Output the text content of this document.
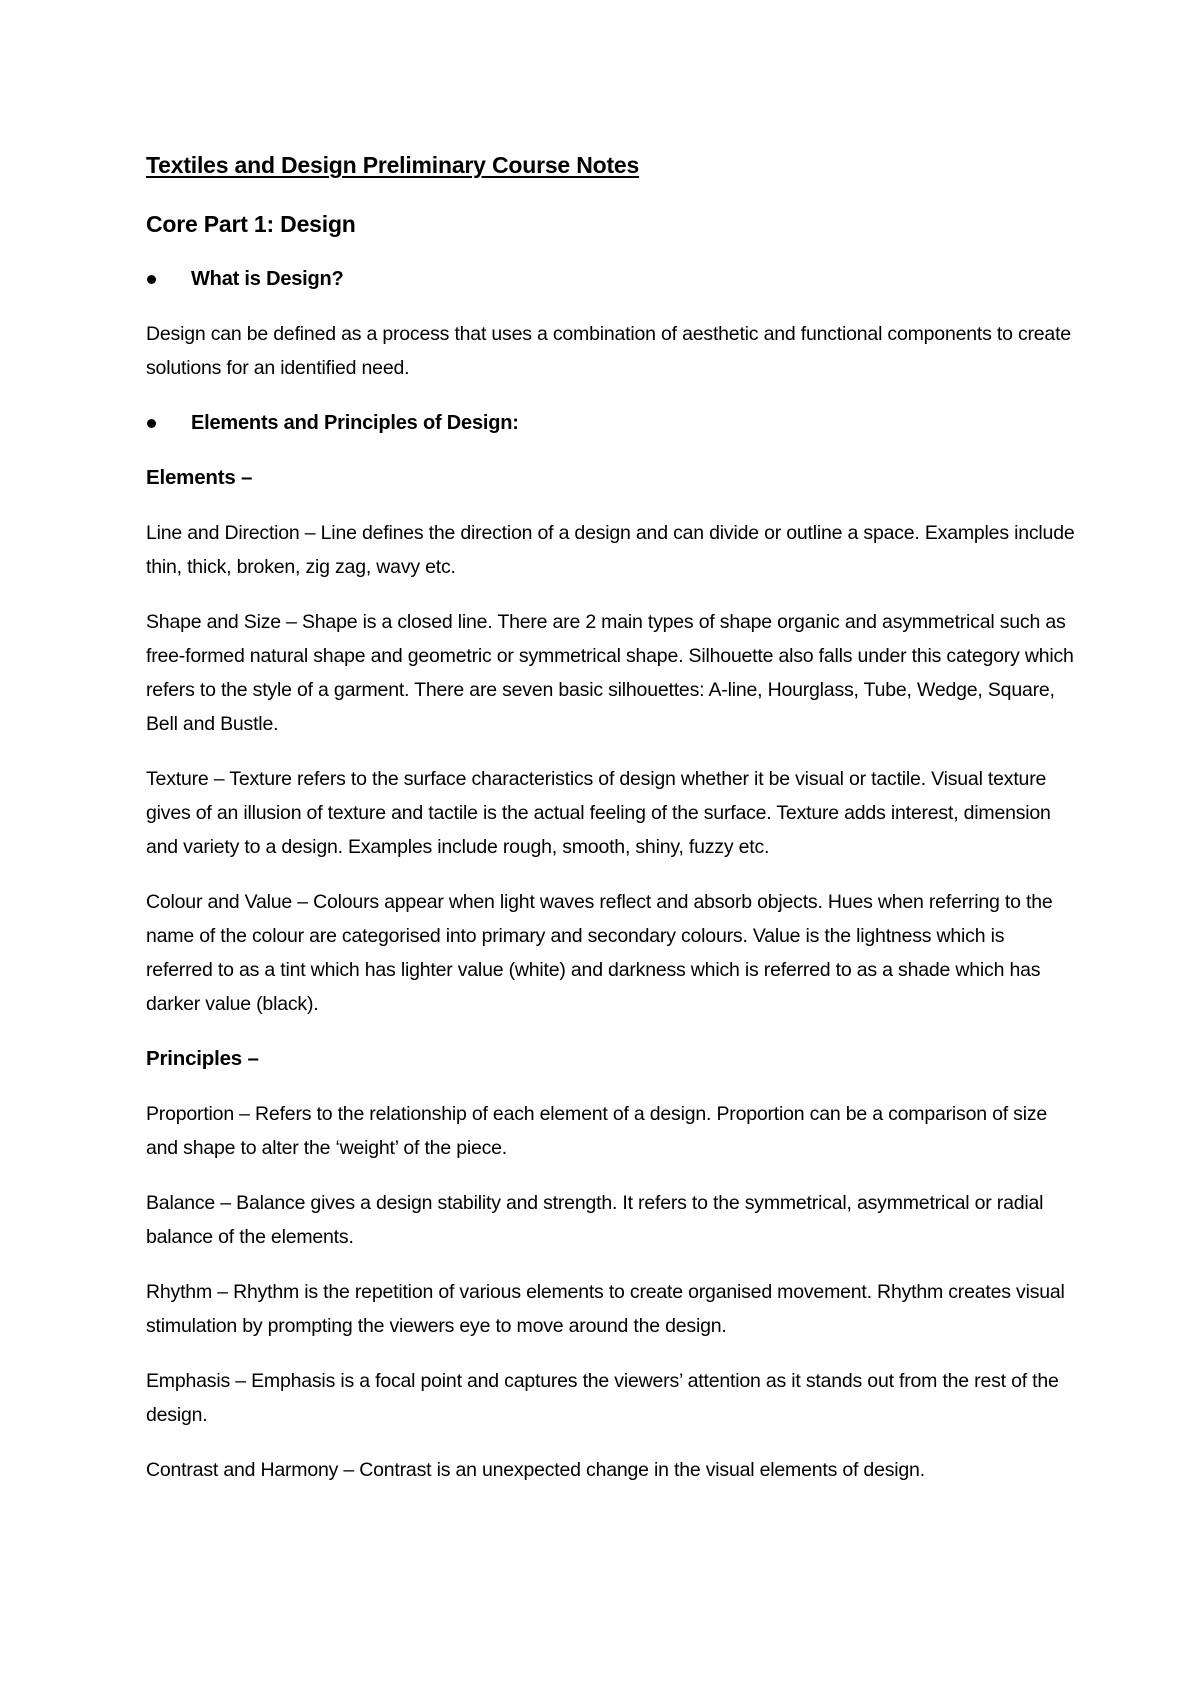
Textiles and Design Preliminary Course Notes
Core Part 1: Design
What is Design?
Design can be defined as a process that uses a combination of aesthetic and functional components to create solutions for an identified need.
Elements and Principles of Design:
Elements –
Line and Direction – Line defines the direction of a design and can divide or outline a space. Examples include thin, thick, broken, zig zag, wavy etc.
Shape and Size – Shape is a closed line. There are 2 main types of shape organic and asymmetrical such as free-formed natural shape and geometric or symmetrical shape. Silhouette also falls under this category which refers to the style of a garment. There are seven basic silhouettes: A-line, Hourglass, Tube, Wedge, Square, Bell and Bustle.
Texture – Texture refers to the surface characteristics of design whether it be visual or tactile. Visual texture gives of an illusion of texture and tactile is the actual feeling of the surface. Texture adds interest, dimension and variety to a design. Examples include rough, smooth, shiny, fuzzy etc.
Colour and Value – Colours appear when light waves reflect and absorb objects. Hues when referring to the name of the colour are categorised into primary and secondary colours. Value is the lightness which is referred to as a tint which has lighter value (white) and darkness which is referred to as a shade which has darker value (black).
Principles –
Proportion – Refers to the relationship of each element of a design. Proportion can be a comparison of size and shape to alter the ‘weight’ of the piece.
Balance – Balance gives a design stability and strength. It refers to the symmetrical, asymmetrical or radial balance of the elements.
Rhythm – Rhythm is the repetition of various elements to create organised movement. Rhythm creates visual stimulation by prompting the viewers eye to move around the design.
Emphasis – Emphasis is a focal point and captures the viewers’ attention as it stands out from the rest of the design.
Contrast and Harmony – Contrast is an unexpected change in the visual elements of design.
